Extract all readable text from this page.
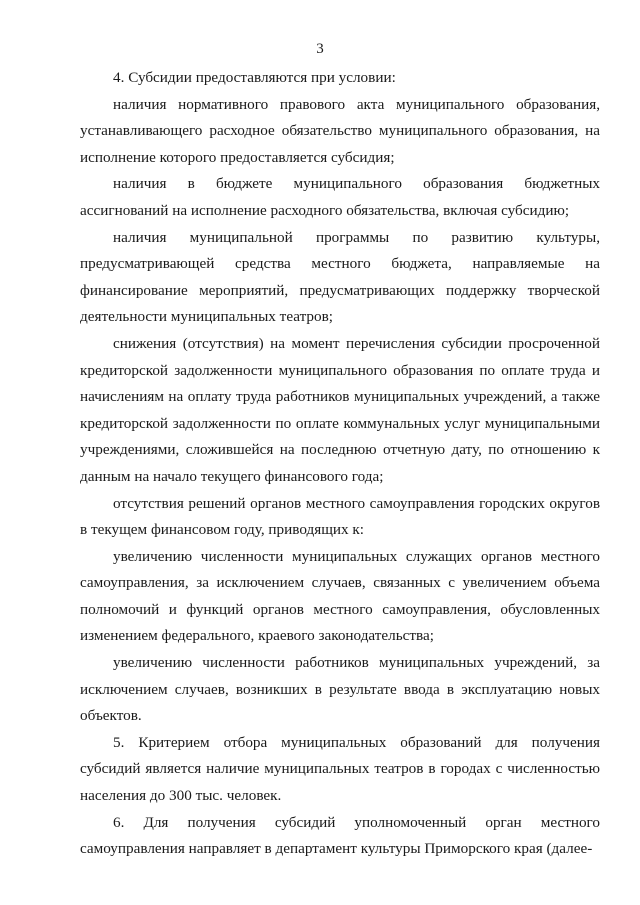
3

4. Субсидии предоставляются при условии:

наличия нормативного правового акта муниципального образования, устанавливающего расходное обязательство муниципального образования, на исполнение которого предоставляется субсидия;

наличия в бюджете муниципального образования бюджетных ассигнований на исполнение расходного обязательства, включая субсидию;

наличия муниципальной программы по развитию культуры, предусматривающей средства местного бюджета, направляемые на финансирование мероприятий, предусматривающих поддержку творческой деятельности муниципальных театров;

снижения (отсутствия) на момент перечисления субсидии просроченной кредиторской задолженности муниципального образования по оплате труда и начислениям на оплату труда работников муниципальных учреждений, а также кредиторской задолженности по оплате коммунальных услуг муниципальными учреждениями, сложившейся на последнюю отчетную дату, по отношению к данным на начало текущего финансового года;

отсутствия решений органов местного самоуправления городских округов в текущем финансовом году, приводящих к:

увеличению численности муниципальных служащих органов местного самоуправления, за исключением случаев, связанных с увеличением объема полномочий и функций органов местного самоуправления, обусловленных изменением федерального, краевого законодательства;

увеличению численности работников муниципальных учреждений, за исключением случаев, возникших в результате ввода в эксплуатацию новых объектов.

5. Критерием отбора муниципальных образований для получения субсидий является наличие муниципальных театров в городах с численностью населения до 300 тыс. человек.

6. Для получения субсидий уполномоченный орган местного самоуправления направляет в департамент культуры Приморского края (далее-
